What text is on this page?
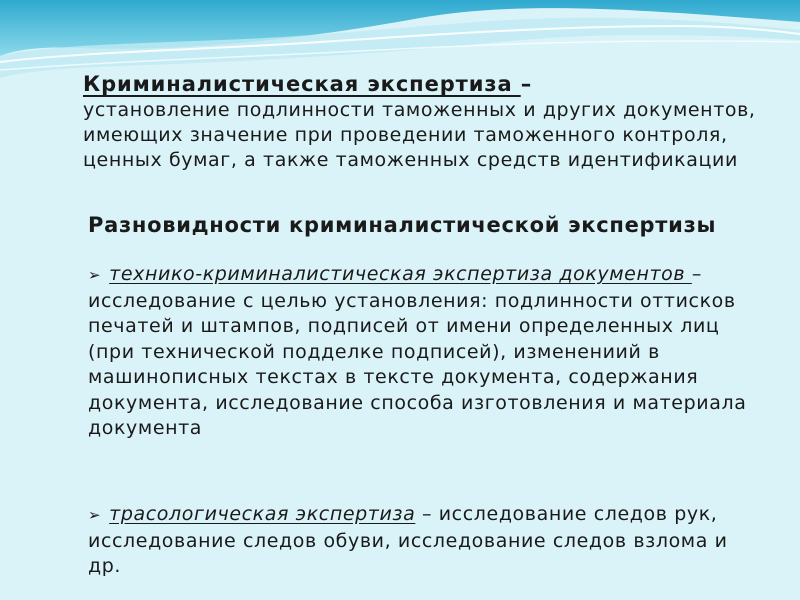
Криминалистическая экспертиза –
установление подлинности таможенных и других документов, имеющих значение при проведении таможенного контроля, ценных бумаг, а также таможенных средств идентификации
Разновидности криминалистической экспертизы
➢ технико-криминалистическая экспертиза документов – исследование с целью установления: подлинности оттисков печатей и штампов, подписей от имени определенных лиц (при технической подделке подписей), изменениий в машинописных текстах в тексте документа, содержания документа, исследование способа изготовления и материала документа
➢ трасологическая экспертиза – исследование следов рук, исследование следов обуви, исследование следов взлома и др.
